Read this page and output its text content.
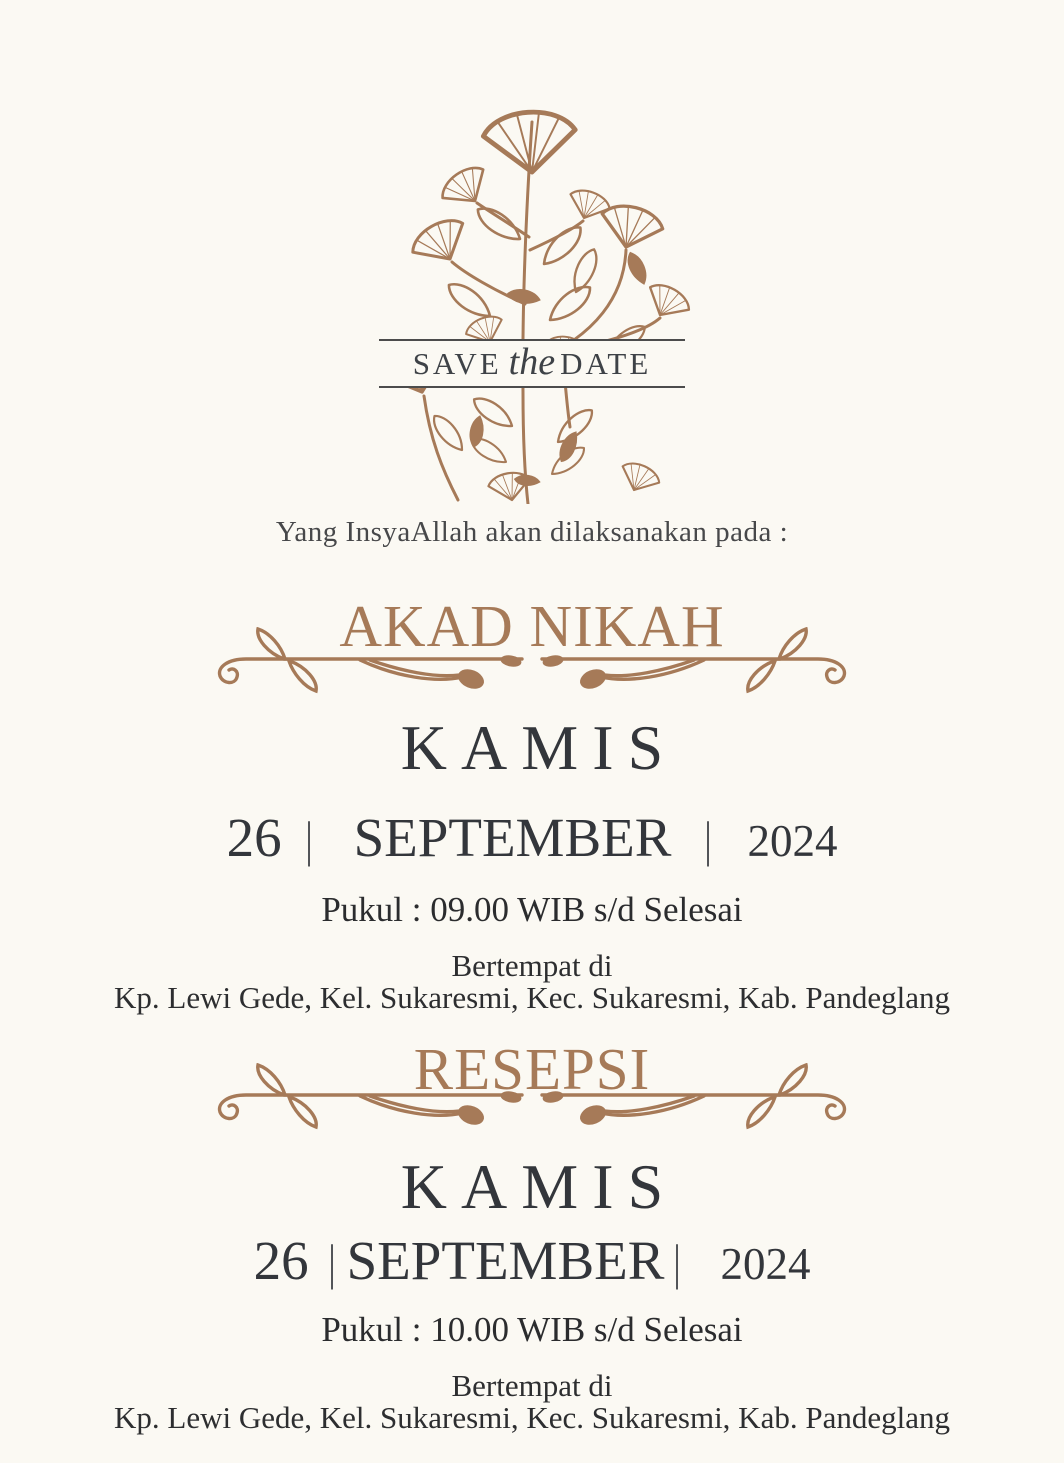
SAVE the DATE
Yang InsyaAllah akan dilaksanakan pada :
AKAD NIKAH
KAMIS
26 | SEPTEMBER | 2024
Pukul : 09.00 WIB s/d Selesai
Bertempat di
Kp. Lewi Gede, Kel. Sukaresmi, Kec. Sukaresmi, Kab. Pandeglang
RESEPSI
KAMIS
26 | SEPTEMBER | 2024
Pukul : 10.00 WIB s/d Selesai
Bertempat di
Kp. Lewi Gede, Kel. Sukaresmi, Kec. Sukaresmi, Kab. Pandeglang
